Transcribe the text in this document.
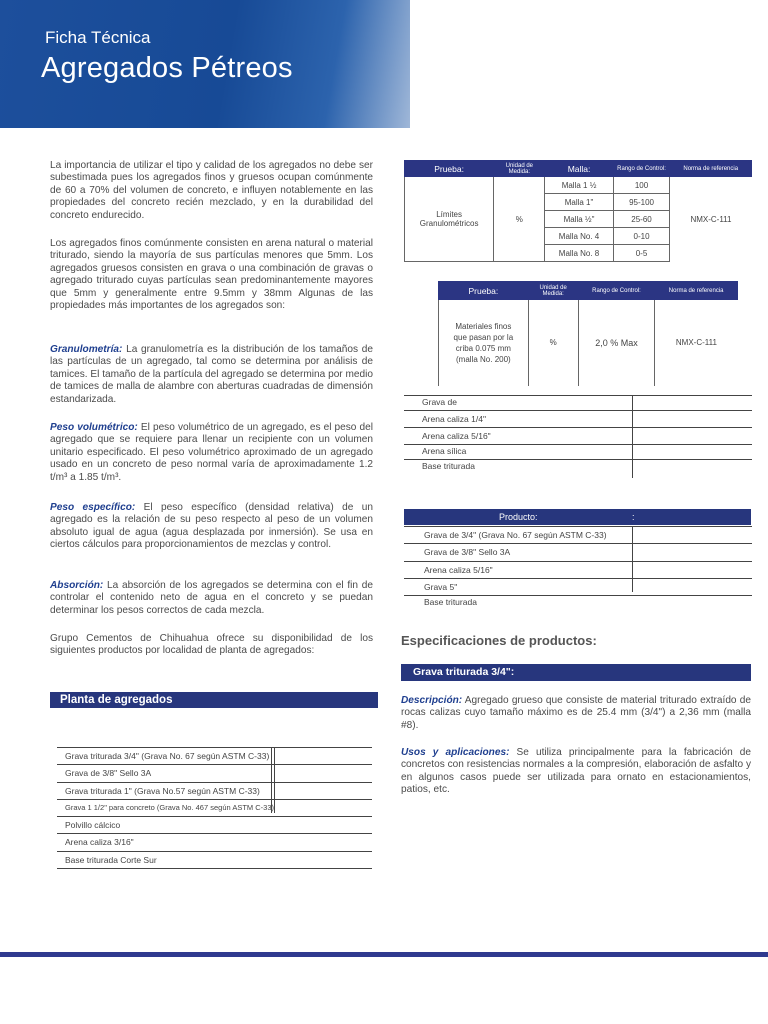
Ficha Técnica
Agregados Pétreos
La importancia de utilizar el tipo y calidad de los agregados no debe ser subestimada pues los agregados finos y gruesos ocupan comúnmente de 60 a 70% del volumen de concreto, e influyen notablemente en las propiedades del concreto recién mezclado, y en la durabilidad del concreto endurecido.
Los agregados finos comúnmente consisten en arena natural o material triturado, siendo la mayoría de sus partículas menores que 5mm. Los agregados gruesos consisten en grava o una combinación de gravas o agregado triturado cuyas partículas sean predominantemente mayores que 5mm y generalmente entre 9.5mm y 38mm Algunas de las propiedades más importantes de los agregados son:
Granulometría: La granulometría es la distribución de los tamaños de las partículas de un agregado, tal como se determina por análisis de tamices. El tamaño de la partícula del agregado se determina por medio de tamices de malla de alambre con aberturas cuadradas de dimensión estandarizada.
Peso volumétrico: El peso volumétrico de un agregado, es el peso del agregado que se requiere para llenar un recipiente con un volumen unitario especificado. El peso volumétrico aproximado de un agregado usado en un concreto de peso normal varía de aproximadamente 1.2 t/m³ a 1.85 t/m³.
Peso específico: El peso específico (densidad relativa) de un agregado es la relación de su peso respecto al peso de un volumen absoluto igual de agua (agua desplazada por inmersión). Se usa en ciertos cálculos para proporcionamientos de mezclas y control.
Absorción: La absorción de los agregados se determina con el fin de controlar el contenido neto de agua en el concreto y se puedan determinar los pesos correctos de cada mezcla.
Grupo Cementos de Chihuahua ofrece su disponibilidad de los siguientes productos por localidad de planta de agregados:
Planta de agregados
Grava triturada 3/4" (Grava No. 67 según ASTM C-33)
Grava de 3/8" Sello 3A
Grava triturada 1" (Grava No.57 según ASTM C-33)
Grava 1 1/2" para concreto (Grava No. 467 según ASTM C-33)
Polvillo cálcico
Arena caliza 3/16"
Base triturada Corte Sur
Prueba:	Unidad de Medida:	Malla:	Rango de Control:	Norma de referencia
Límites Granulométricos	%	Malla 1 ½	100	NMX-C-111
		Malla 1"	95-100	
		Malla ½"	25-60	
		Malla No. 4	0-10	
		Malla No. 8	0-5	
Prueba:	Unidad de Medida:	Rango de Control:	Norma de referencia
Materiales finos que pasan por la criba 0.075 mm (malla No. 200)	%	2,0 % Max	NMX-C-111
Grava de
Arena caliza 1/4"
Arena caliza 5/16"
Arena sílica
Base triturada
Producto:	:
Grava de 3/4" (Grava No. 67 según ASTM C-33)
Grava de 3/8" Sello 3A
Arena caliza 5/16"
Grava 5"
Base triturada
Especificaciones de productos:
Grava triturada 3/4":
Descripción: Agregado grueso que consiste de material triturado extraído de rocas calizas cuyo tamaño máximo es de 25.4 mm (3/4") a 2,36 mm (malla #8).
Usos y aplicaciones: Se utiliza principalmente para la fabricación de concretos con resistencias normales a la compresión, elaboración de asfalto y en algunos casos puede ser utilizada para ornato en estacionamientos, patios, etc.
